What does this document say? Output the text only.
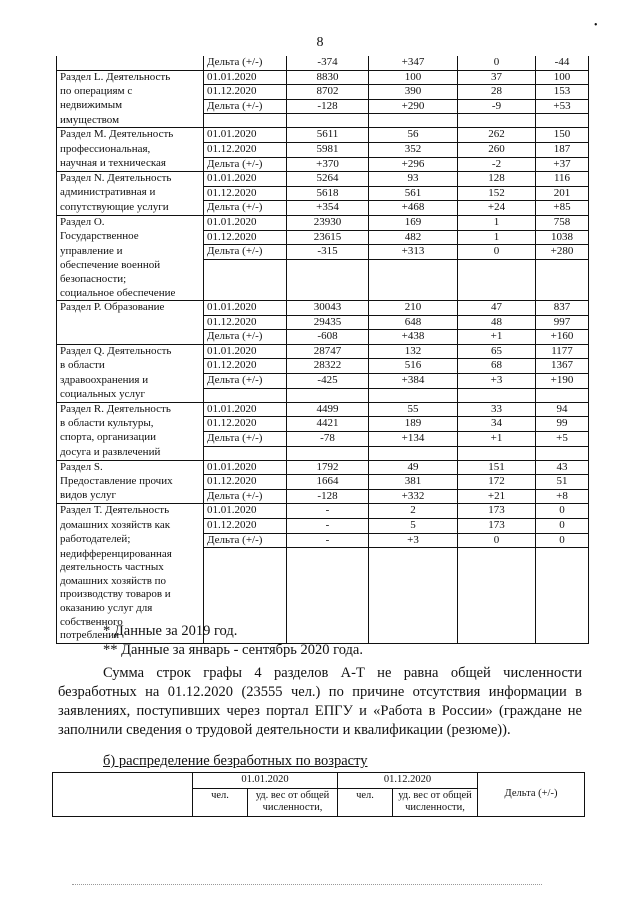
8
•
	Дельта (+/-)	-374	+347	0	-44
Раздел L. Деятельность	01.01.2020	8830	100	37	100
по операциям с	01.12.2020	8702	390	28	153
недвижимым	Дельта (+/-)	-128	+290	-9	+53
имуществом					
Раздел М. Деятельность	01.01.2020	5611	56	262	150
профессиональная,	01.12.2020	5981	352	260	187
научная и техническая	Дельта (+/-)	+370	+296	-2	+37
Раздел N. Деятельность	01.01.2020	5264	93	128	116
административная и	01.12.2020	5618	561	152	201
сопутствующие услуги	Дельта (+/-)	+354	+468	+24	+85
Раздел О.	01.01.2020	23930	169	1	758
Государственное	01.12.2020	23615	482	1	1038
управление и	Дельта (+/-)	-315	+313	0	+280
обеспечение военной					
безопасности;					
социальное обеспечение					
Раздел Р. Образование	01.01.2020	30043	210	47	837
	01.12.2020	29435	648	48	997
	Дельта (+/-)	-608	+438	+1	+160
Раздел Q. Деятельность	01.01.2020	28747	132	65	1177
в области	01.12.2020	28322	516	68	1367
здравоохранения и	Дельта (+/-)	-425	+384	+3	+190
социальных услуг					
Раздел R. Деятельность	01.01.2020	4499	55	33	94
в области культуры,	01.12.2020	4421	189	34	99
спорта, организации	Дельта (+/-)	-78	+134	+1	+5
досуга и развлечений					
Раздел S.	01.01.2020	1792	49	151	43
Предоставление прочих	01.12.2020	1664	381	172	51
видов услуг	Дельта (+/-)	-128	+332	+21	+8
Раздел Т. Деятельность	01.01.2020	-	2	173	0
домашних хозяйств как	01.12.2020	-	5	173	0
работодателей;	Дельта (+/-)	-	+3	0	0
недифференцированная					
деятельность частных					
домашних хозяйств по					
производству товаров и					
оказанию услуг для					
собственного					
потребления					
* Данные за 2019 год.
** Данные за январь - сентябрь 2020 года.
Сумма строк графы 4 разделов А-Т не равна общей численности безработных на 01.12.2020 (23555 чел.) по причине отсутствия информации в заявлениях, поступивших через портал ЕПГУ и «Работа в России» (граждане не заполнили сведения о трудовой деятельности и квалификации (резюме)).
б) распределение безработных по возрасту
	01.01.2020		01.12.2020		Дельта (+/-)
	чел.	уд. вес от общей численности,	чел.	уд. вес от общей численности,	
